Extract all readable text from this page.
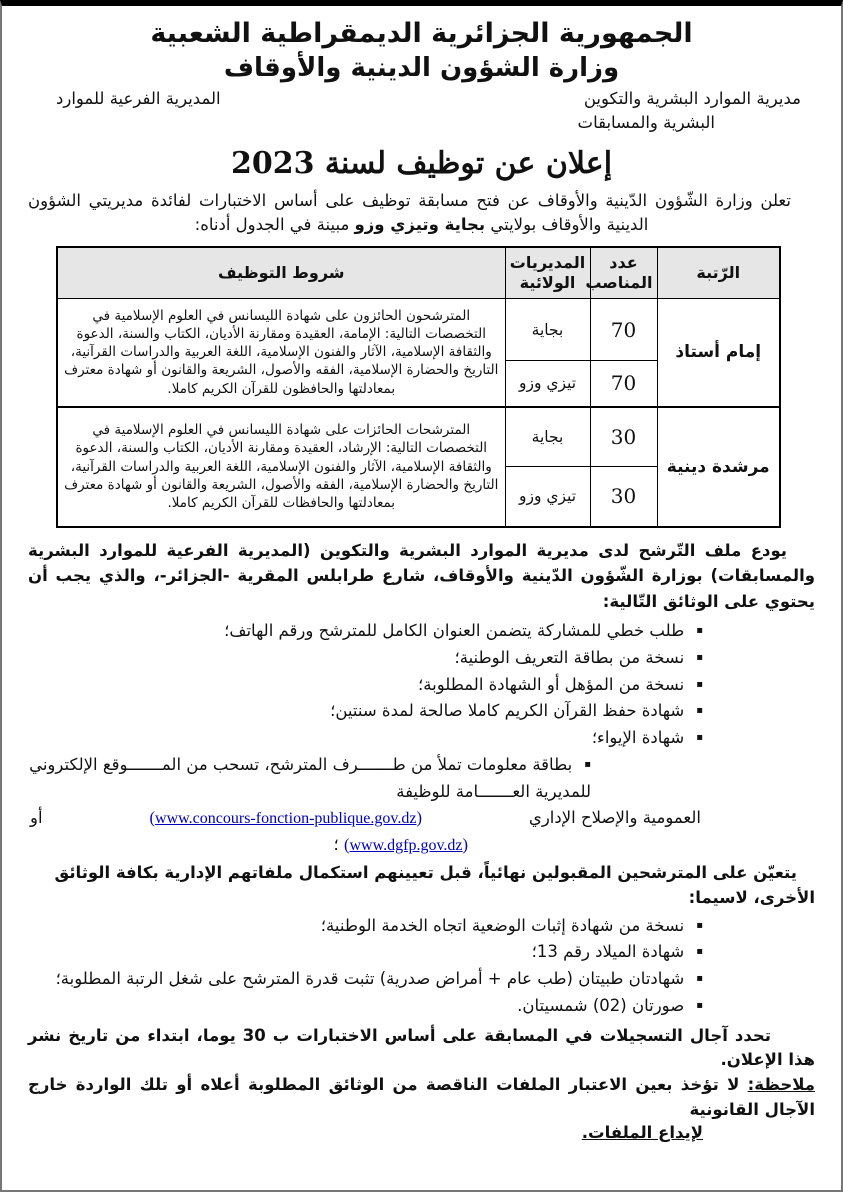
الجمهورية الجزائرية الديمقراطية الشعبية
وزارة الشؤون الدينية والأوقاف
مديرية الموارد البشرية والتكوين
المديرية الفرعية للموارد
البشرية والمسابقات
إعلان عن توظيف لسنة 2023

تعلن وزارة الشّؤون الدّينية والأوقاف عن فتح مسابقة توظيف على أساس الاختبارات لفائدة مديريتي الشؤون الدينية والأوقاف بولايتي بجاية وتيزي وزو مبينة في الجدول أدناه:

الرّتبة	عدد المناصب	المديريات الولائية	شروط التوظيف
إمام أستاذ	70	بجاية	المترشحون الحائزون على شهادة الليسانس في العلوم الإسلامية في التخصصات التالية: الإمامة، العقيدة ومقارنة الأديان، الكتاب والسنة، الدعوة والثقافة الإسلامية، الآثار والفنون الإسلامية، اللغة العربية والدراسات القرآنية، التاريخ والحضارة الإسلامية، الفقه والأصول، الشريعة والقانون أو شهادة معترف بمعادلتها والحافظون للقرآن الكريم كاملا.
	70	تيزي وزو	
مرشدة دينية	30	بجاية	المترشحات الحائزات على شهادة الليسانس في العلوم الإسلامية في التخصصات التالية: الإرشاد، العقيدة ومقارنة الأديان، الكتاب والسنة، الدعوة والثقافة الإسلامية، الآثار والفنون الإسلامية، اللغة العربية والدراسات القرآنية، التاريخ والحضارة الإسلامية، الفقه والأصول، الشريعة والقانون أو شهادة معترف بمعادلتها والحافظات للقرآن الكريم كاملا.
	30	تيزي وزو	

يودع ملف التّرشح لدى مديرية الموارد البشرية والتكوين (المديرية الفرعية للموارد البشرية والمسابقات) بوزارة الشّؤون الدّينية والأوقاف، شارع طرابلس المقرية -الجزائر-، والذي يجب أن يحتوي على الوثائق التّالية:

▪طلب خطي للمشاركة يتضمن العنوان الكامل للمترشح ورقم الهاتف؛
▪نسخة من بطاقة التعريف الوطنية؛
▪نسخة من المؤهل أو الشهادة المطلوبة؛
▪شهادة حفظ القرآن الكريم كاملا صالحة لمدة سنتين؛
▪شهادة الإيواء؛
▪بطاقة معلومات تملأ من طـــــــرف المترشح، تسحب من المـــــــوقع الإلكتروني للمديرية العـــــــامة للوظيفة
العمومية والإصلاح الإداري
(www.concours-fonction-publique.gov.dz)
أو
(www.dgfp.gov.dz) ؛

يتعيّن على المترشحين المقبولين نهائياً، قبل تعيينهم استكمال ملفاتهم الإدارية بكافة الوثائق الأخرى، لاسيما:

▪نسخة من شهادة إثبات الوضعية اتجاه الخدمة الوطنية؛
▪شهادة الميلاد رقم 13؛
▪شهادتان طبيتان (طب عام + أمراض صدرية) تثبت قدرة المترشح على شغل الرتبة المطلوبة؛
▪صورتان (02) شمسيتان.

تحدد آجال التسجيلات في المسابقة على أساس الاختبارات ب 30 يوما، ابتداء من تاريخ نشر هذا الإعلان.

ملاحظة: لا تؤخذ بعين الاعتبار الملفات الناقصة من الوثائق المطلوبة أعلاه أو تلك الواردة خارج الآجال القانونية

لإيداع الملفات.
